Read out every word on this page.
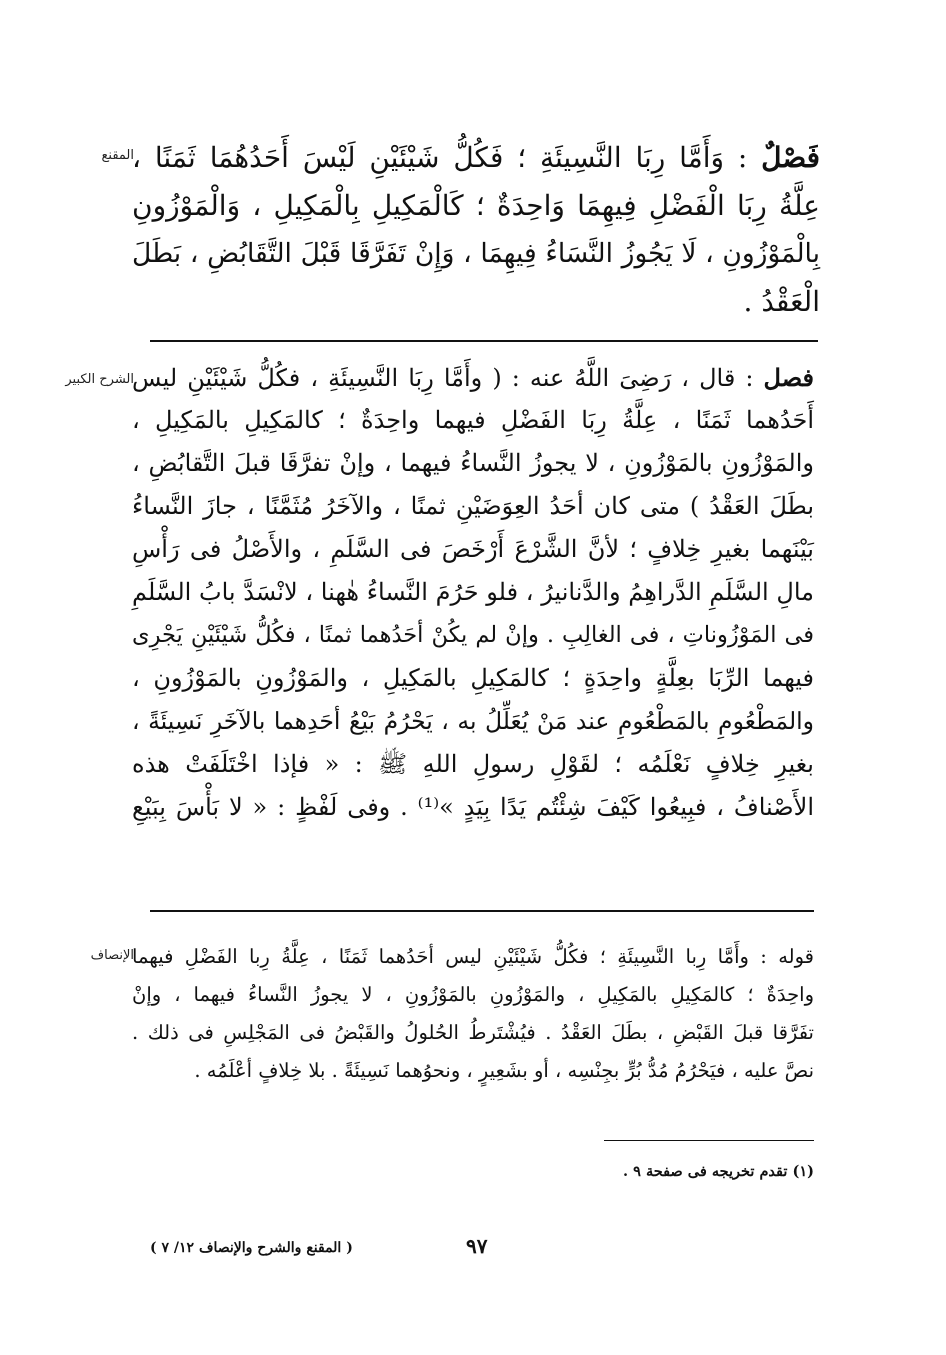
المقنع	فَصْلٌ : وَأَمَّا رِبَا النَّسِيئَةِ ؛ فَكُلُّ شَيْئَيْنِ لَيْسَ أَحَدُهُمَا ثَمَنًا ،
عِلَّةُ رِبَا الْفَضْلِ فِيهِمَا وَاحِدَةٌ ؛ كَالْمَكِيلِ بِالْمَكِيلِ ، وَالْمَوْزُونِ
بِالْمَوْزُونِ ، لَا يَجُوزُ النَّسَاءُ فِيهِمَا ، وَإِنْ تَفَرَّقَا قَبْلَ التَّقَابُضِ ، بَطَلَ
الْعَقْدُ .
الشرح الكبير	فصل : قال ، رَضِىَ اللَّهُ عنه : ( وأَمَّا رِبَا النَّسِيئَةِ ، فكُلُّ شَيْئَيْنِ ليس
أَحَدُهما ثَمَنًا ، عِلَّةُ رِبَا الفَضْلِ فيهما واحِدَةٌ ؛ كالمَكِيلِ بالمَكِيلِ ،
والمَوْزُونِ بالمَوْزُونِ ، لا يجوزُ النَّساءُ فيهما ، وإنْ تفرَّقَا قبلَ التَّقابُضِ ،
بطَلَ العَقْدُ ) متى كان أحَدُ العِوَضَيْنِ ثمنًا ، والآخَرُ مُثَمَّنًا ، جازَ النَّساءُ
بَيْنَهما بغيرِ خِلافٍ ؛ لأنَّ الشَّرْعَ أَرْخَصَ فى السَّلَمِ ، والأَصْلُ فى رَأْسِ
مالِ السَّلَمِ الدَّراهِمُ والدَّنانيرُ ، فلو حَرُمَ النَّساءُ هٰهنا ، لانْسَدَّ بابُ السَّلَمِ
فى المَوْزُوناتِ ، فى الغالِبِ . وإنْ لم يكُنْ أحَدُهما ثمنًا ، فكُلُّ شَيْئَيْنِ يَجْرِى
فيهما الرِّبَا بعِلَّةٍ واحِدَةٍ ؛ كالمَكِيلِ بالمَكِيلِ ، والمَوْزُونِ بالمَوْزُونِ ،
والمَطْعُومِ بالمَطْعُومِ عند مَنْ يُعَلِّلُ به ، يَحْرُمُ بَيْعُ أحَدِهما بالآخَرِ نَسِيئَةً ،
بغيرِ خِلافٍ نَعْلَمُه ؛ لقَوْلِ رسولِ اللهِ ﷺ : « فإذا اخْتَلَفَتْ هذه
الأَصْنافُ ، فبِيعُوا كَيْفَ شِئْتُم يَدًا بِيَدٍ »⁽¹⁾ . وفى لَفْظٍ : « لا بَأْسَ بِبَيْعِ
الإنصاف
قوله : وأَمَّا رِبا النَّسِيئَةِ ؛ فكُلُّ شَيْئَيْنِ ليس أحَدُهما ثَمَنًا ، عِلَّةُ رِبا الفَضْلِ فيهما
واحِدَةٌ ؛ كالمَكِيلِ بالمَكِيلِ ، والمَوْزُونِ بالمَوْزُونِ ، لا يجوزُ النَّساءُ فيهما ، وإنْ
تفَرَّقا قبلَ القَبْضِ ، بطَلَ العَقْدُ . فيُشْتَرطُ الحُلولُ والقَبْضُ فى المَجْلِسِ فى ذلك .
نصَّ عليه ، فيَحْرُمُ مُدُّ بُرٍّ بجِنْسِه ، أو بشَعِيرٍ ، ونحوُهما نَسِيئَةً . بلا خِلافٍ أعْلَمُه .
(١) تقدم تخريجه فى صفحة ٩ .
( المقنع والشرح والإنصاف ١٢/ ٧ )	٩٧
